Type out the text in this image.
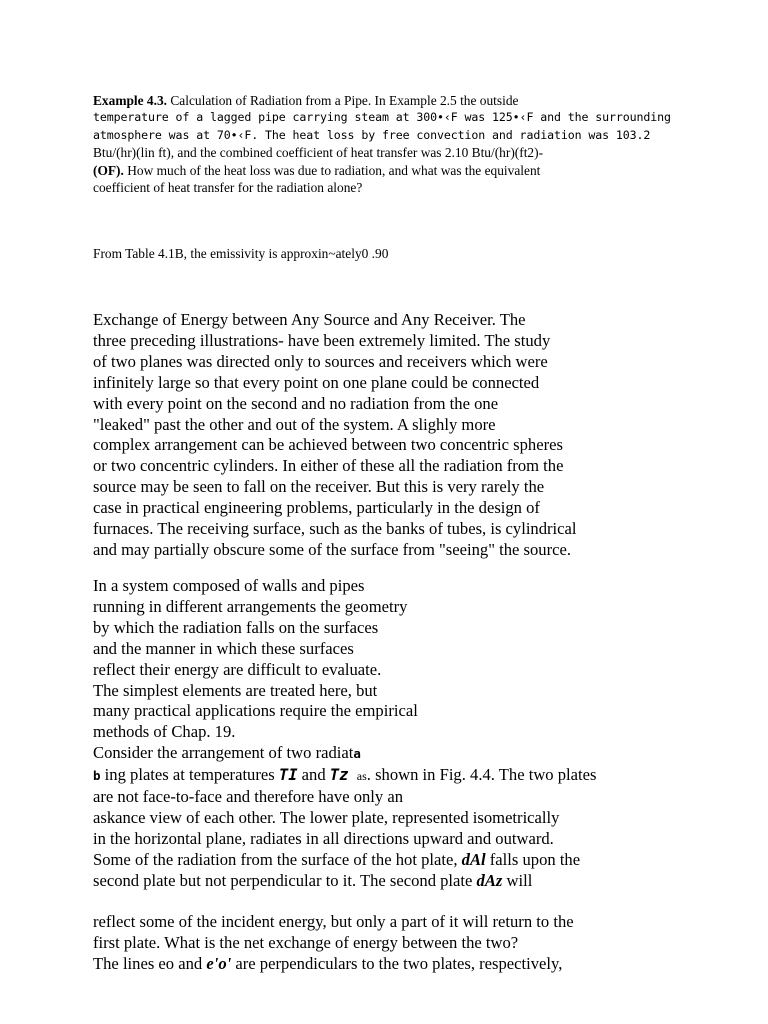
Example 4.3. Calculation of Radiation from a Pipe. In Example 2.5 the outside
temperature of a lagged pipe carrying steam at 300•‹F was 125•‹F and the surrounding
atmosphere was at 70•‹F. The heat loss by free convection and radiation was 103.2
Btu/(hr)(lin ft), and the combined coefficient of heat transfer was 2.10 Btu/(hr)(ft2)-
(OF). How much of the heat loss was due to radiation, and what was the equivalent
coefficient of heat transfer for the radiation alone?
From Table 4.1B, the emissivity is approxin~ately0 .90
Exchange of Energy between Any Source and Any Receiver. The
three preceding illustrations- have been extremely limited. The study
of two planes was directed only to sources and receivers which were
infinitely large so that every point on one plane could be connected
with every point on the second and no radiation from the one
"leaked" past the other and out of the system. A slighly more
complex arrangement can be achieved between two concentric spheres
or two concentric cylinders. In either of these all the radiation from the
source may be seen to fall on the receiver. But this is very rarely the
case in practical engineering problems, particularly in the design of
furnaces. The receiving surface, such as the banks of tubes, is cylindrical
and may partially obscure some of the surface from "seeing" the source.
In a system composed of walls and pipes
running in different arrangements the geometry
by which the radiation falls on the surfaces
and the manner in which these surfaces
reflect their energy are difficult to evaluate.
The simplest elements are treated here, but
many practical applications require the empirical
methods of Chap. 19.
Consider the arrangement of two radiata
b ing plates at temperatures TI and Tz as. shown in Fig. 4.4. The two plates
are not face-to-face and therefore have only an
askance view of each other. The lower plate, represented isometrically
in the horizontal plane, radiates in all directions upward and outward.
Some of the radiation from the surface of the hot plate, dAl falls upon the
second plate but not perpendicular to it. The second plate dAz will
reflect some of the incident energy, but only a part of it will return to the
first plate. What is the net exchange of energy between the two?
The lines eo and e'o' are perpendiculars to the two plates, respectively,
